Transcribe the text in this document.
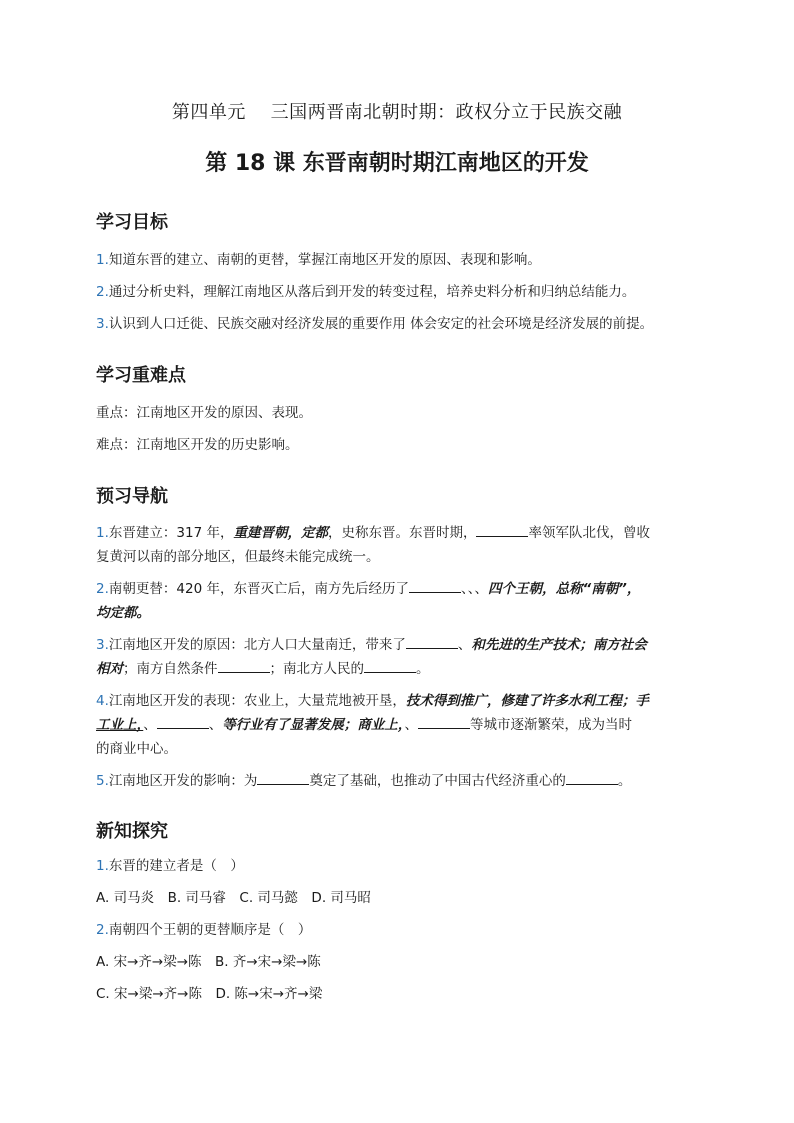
第四单元　 三国两晋南北朝时期：政权分立于民族交融
第 18 课 东晋南朝时期江南地区的开发
学习目标
1.知道东晋的建立、南朝的更替，掌握江南地区开发的原因、表现和影响。
2.通过分析史料，理解江南地区从落后到开发的转变过程，培养史料分析和归纳总结能力。
3.认识到人口迁徙、民族交融对经济发展的重要作用 体会安定的社会环境是经济发展的前提。
学习重难点
重点：江南地区开发的原因、表现。
难点：江南地区开发的历史影响。
预习导航
1.东晋建立：317 年，重建晋朝，定都，史称东晋。东晋时期，	率领军队北伐，曾收
复黄河以南的部分地区，但最终未能完成统一。
2.南朝更替：420 年，东晋灭亡后，南方先后经历了	、、、四个王朝，总称“南朝”，
均定都。
3.江南地区开发的原因：北方人口大量南迁，带来了	、和先进的生产技术；南方社会
相对；南方自然条件	；南北方人民的	。
4.江南地区开发的表现：农业上，大量荒地被开垦，技术得到推广，修建了许多水利工程；手
工业上，、	、等行业有了显著发展；商业上，、	等城市逐渐繁荣，成为当时
的商业中心。
5.江南地区开发的影响：为	奠定了基础，也推动了中国古代经济重心的	。
新知探究
1.东晋的建立者是（　）
A. 司马炎　B. 司马睿　C. 司马懿　D. 司马昭
2.南朝四个王朝的更替顺序是（　）
A. 宋→齐→梁→陈　B. 齐→宋→梁→陈
C. 宋→梁→齐→陈　D. 陈→宋→齐→梁
